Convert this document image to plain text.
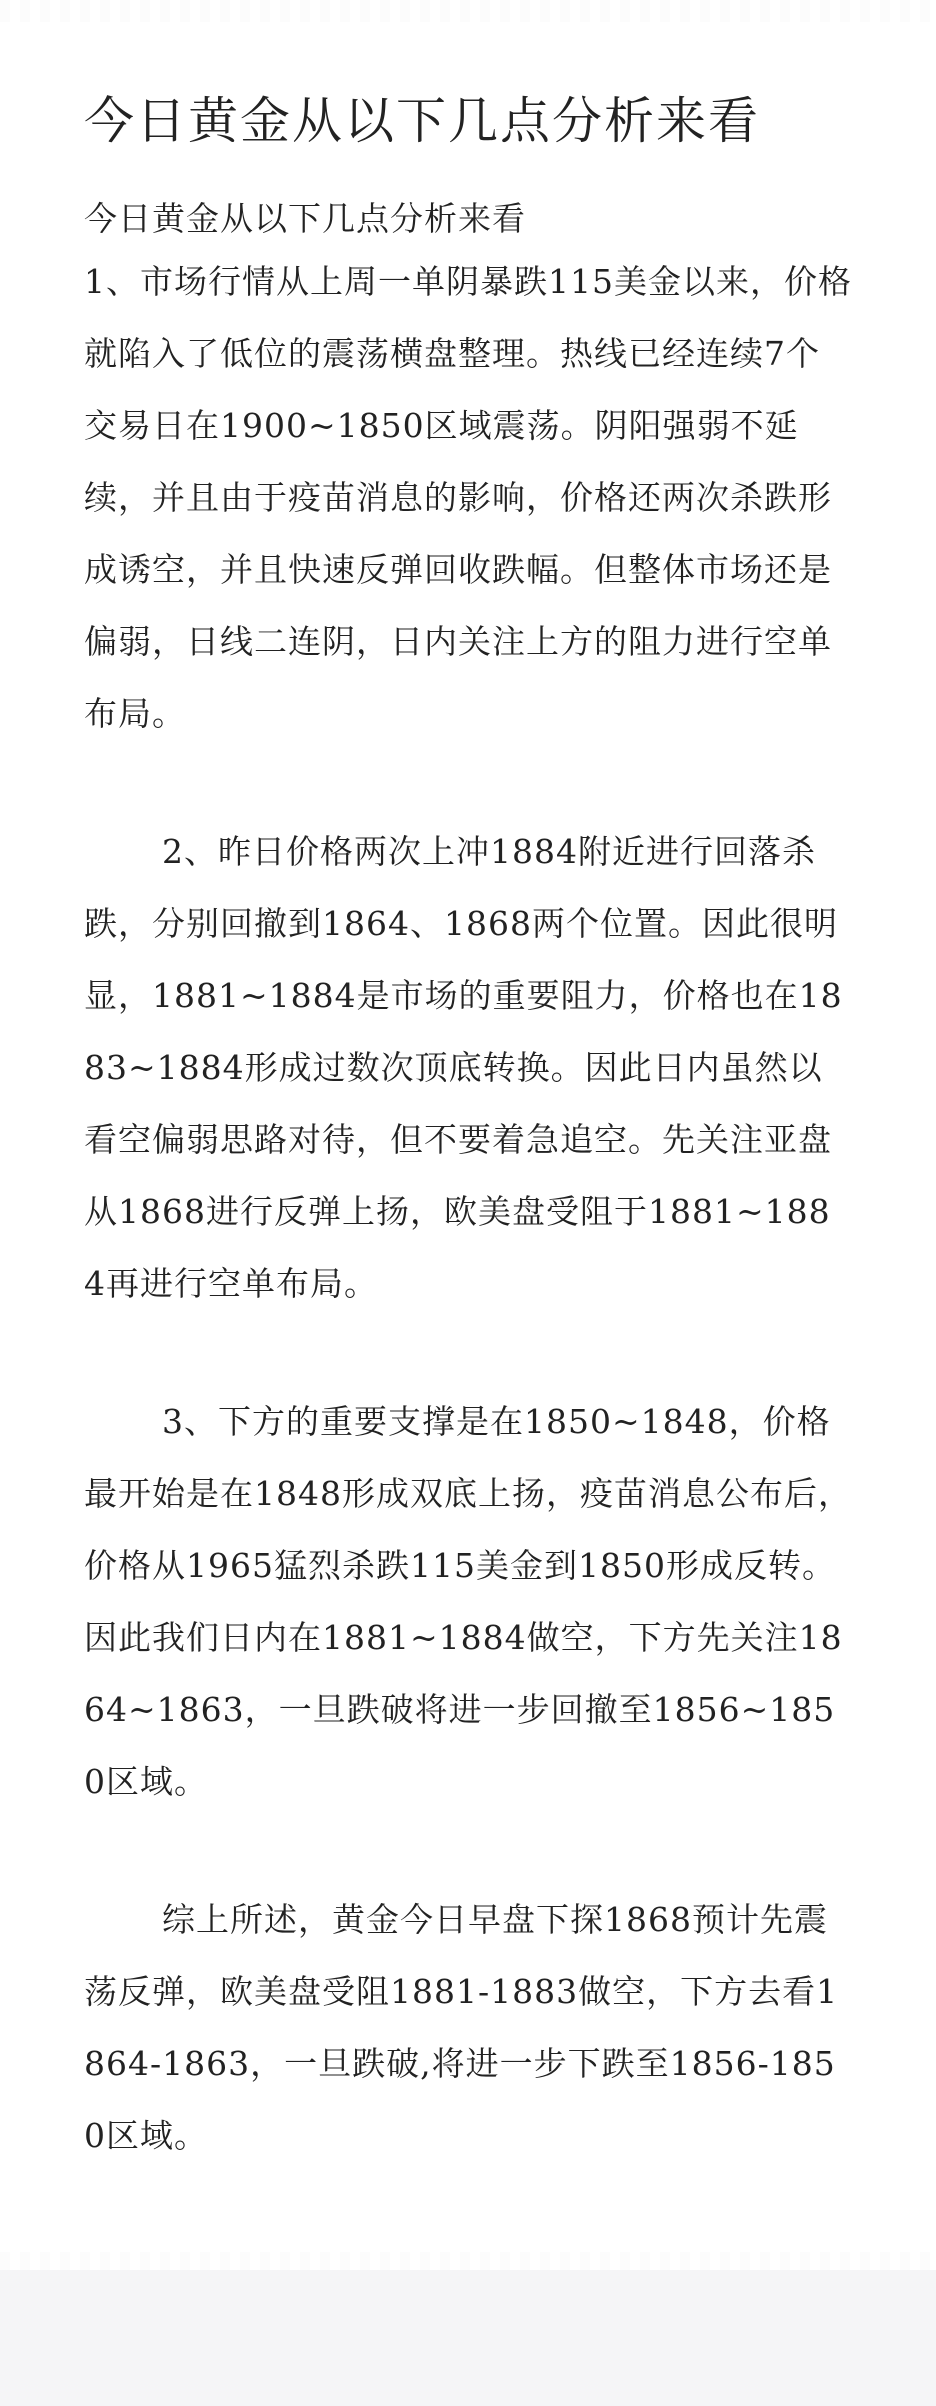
今日黄金从以下几点分析来看

今日黄金从以下几点分析来看

1、市场行情从上周一单阴暴跌115美金以来，价格就陷入了低位的震荡横盘整理。热线已经连续7个交易日在1900~1850区域震荡。阴阳强弱不延续，并且由于疫苗消息的影响，价格还两次杀跌形成诱空，并且快速反弹回收跌幅。但整体市场还是偏弱，日线二连阴，日内关注上方的阻力进行空单布局。

2、昨日价格两次上冲1884附近进行回落杀跌，分别回撤到1864、1868两个位置。因此很明显，1881~1884是市场的重要阻力，价格也在1883~1884形成过数次顶底转换。因此日内虽然以看空偏弱思路对待，但不要着急追空。先关注亚盘从1868进行反弹上扬，欧美盘受阻于1881~1884再进行空单布局。

3、下方的重要支撑是在1850~1848，价格最开始是在1848形成双底上扬，疫苗消息公布后，价格从1965猛烈杀跌115美金到1850形成反转。因此我们日内在1881~1884做空，下方先关注1864~1863，一旦跌破将进一步回撤至1856~1850区域。

综上所述，黄金今日早盘下探1868预计先震荡反弹，欧美盘受阻1881-1883做空，下方去看1864-1863，一旦跌破,将进一步下跌至1856-1850区域。
